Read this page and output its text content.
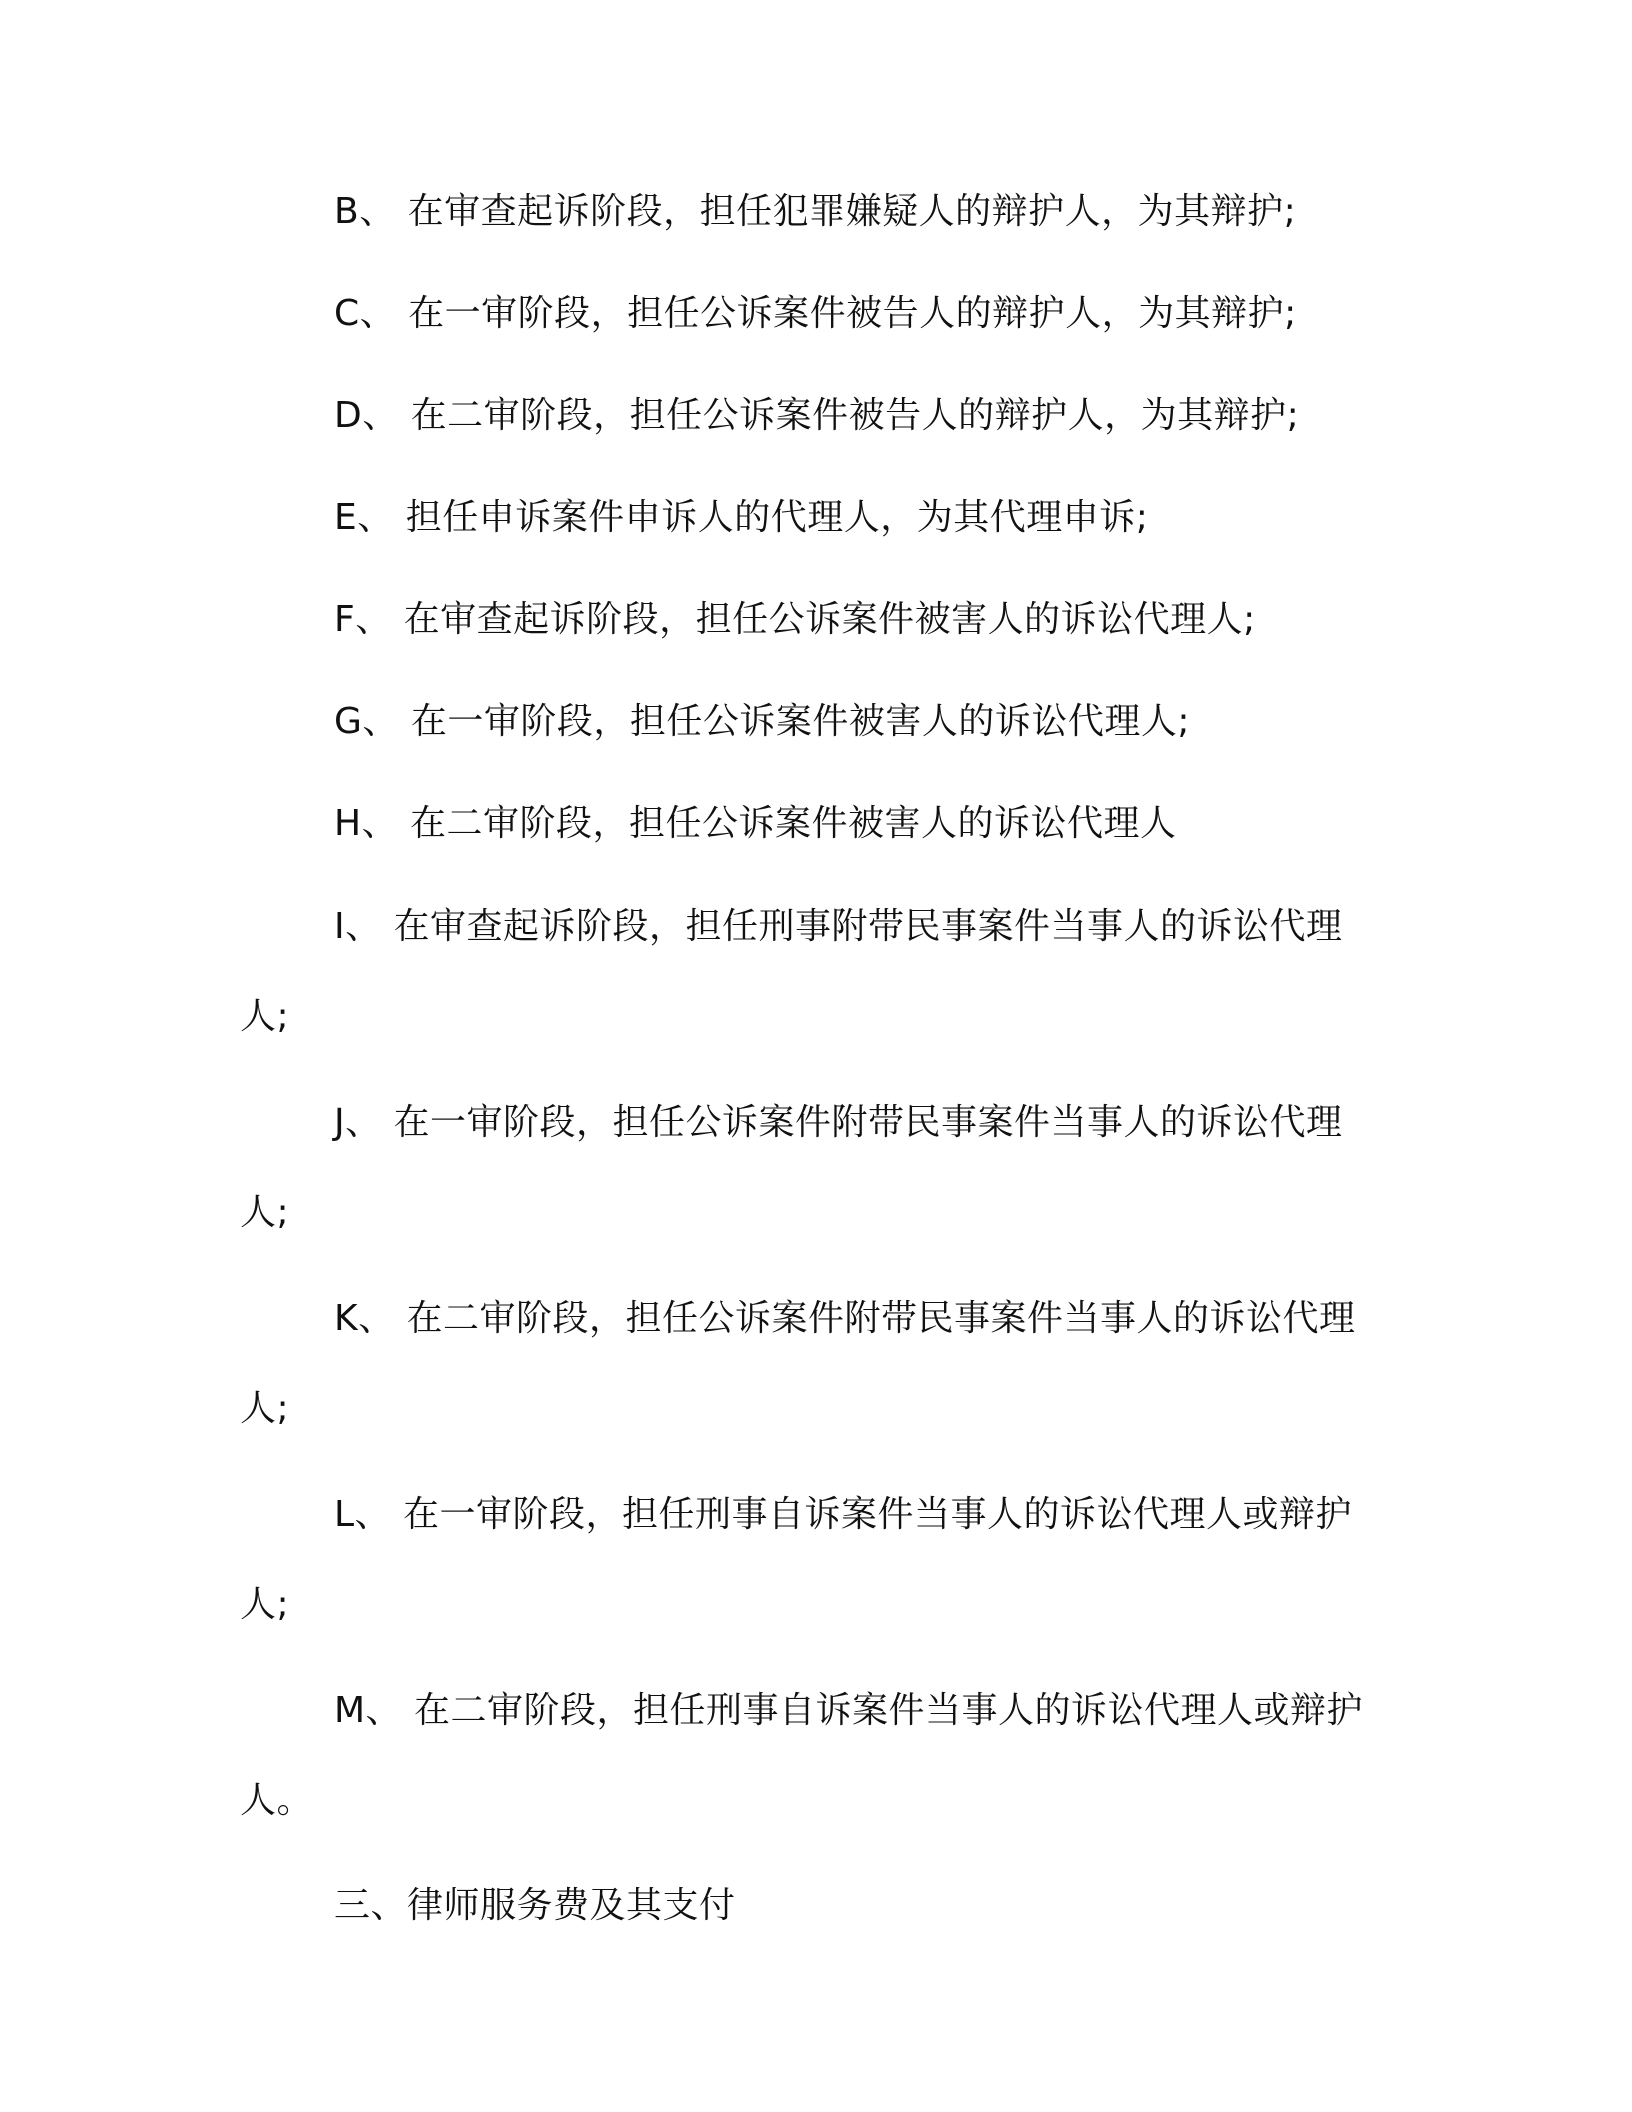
B、 在审查起诉阶段，担任犯罪嫌疑人的辩护人，为其辩护;

C、 在一审阶段，担任公诉案件被告人的辩护人，为其辩护;

D、 在二审阶段，担任公诉案件被告人的辩护人，为其辩护;

E、 担任申诉案件申诉人的代理人，为其代理申诉;

F、 在审查起诉阶段，担任公诉案件被害人的诉讼代理人;

G、 在一审阶段，担任公诉案件被害人的诉讼代理人;

H、 在二审阶段，担任公诉案件被害人的诉讼代理人

I、 在审查起诉阶段，担任刑事附带民事案件当事人的诉讼代理人;

J、 在一审阶段，担任公诉案件附带民事案件当事人的诉讼代理人;

K、 在二审阶段，担任公诉案件附带民事案件当事人的诉讼代理人;

L、 在一审阶段，担任刑事自诉案件当事人的诉讼代理人或辩护人;

M、 在二审阶段，担任刑事自诉案件当事人的诉讼代理人或辩护人。

三、律师服务费及其支付
